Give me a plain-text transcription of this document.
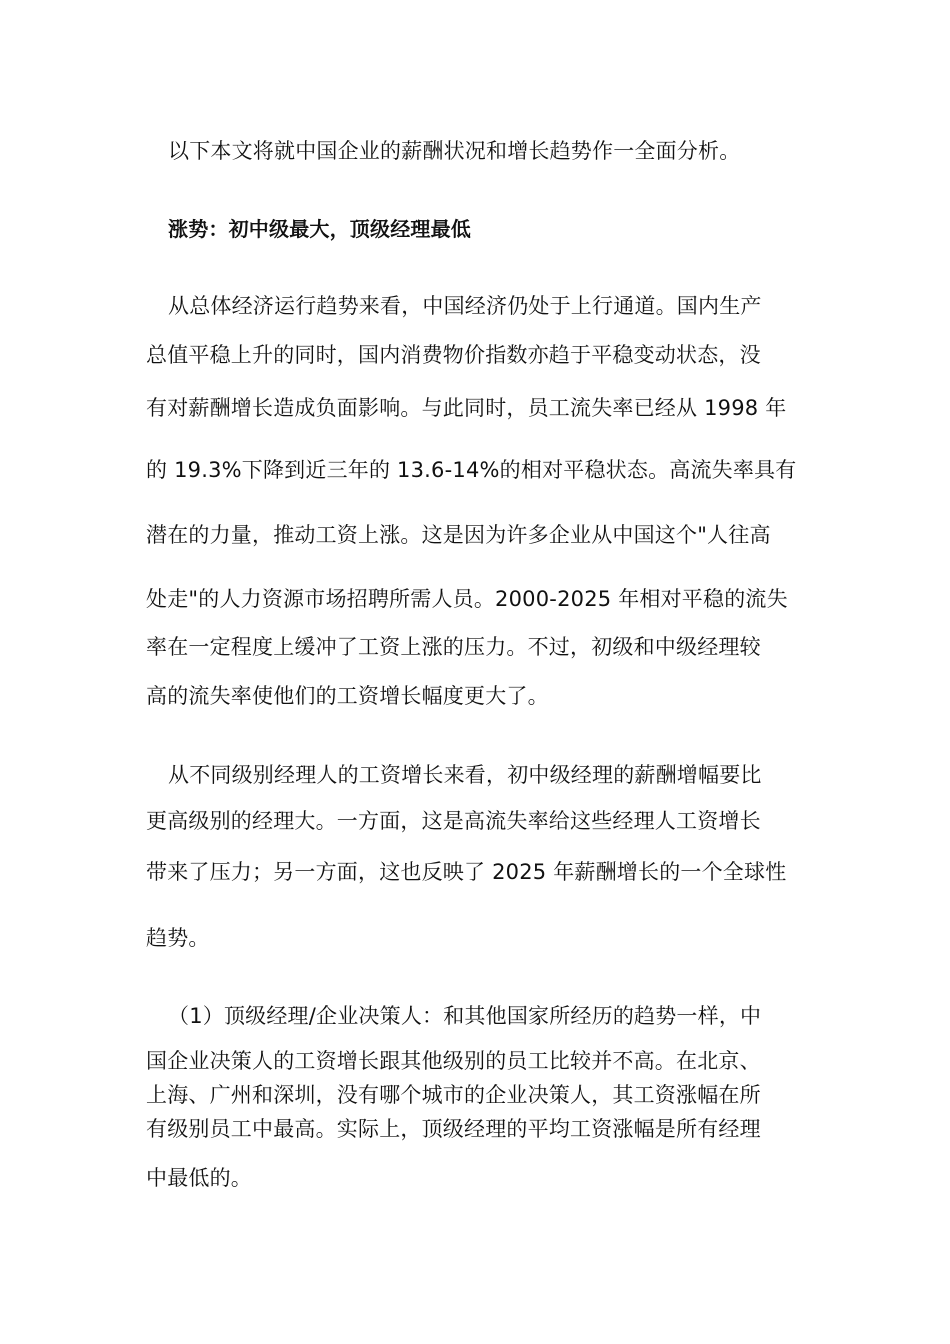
以下本文将就中国企业的薪酬状况和增长趋势作一全面分析。
涨势：初中级最大，顶级经理最低
从总体经济运行趋势来看，中国经济仍处于上行通道。国内生产
总值平稳上升的同时，国内消费物价指数亦趋于平稳变动状态，没
有对薪酬增长造成负面影响。与此同时，员工流失率已经从 1998 年
的 19.3%下降到近三年的 13.6-14%的相对平稳状态。高流失率具有
潜在的力量，推动工资上涨。这是因为许多企业从中国这个"人往高
处走"的人力资源市场招聘所需人员。2000-2025 年相对平稳的流失
率在一定程度上缓冲了工资上涨的压力。不过，初级和中级经理较
高的流失率使他们的工资增长幅度更大了。
从不同级别经理人的工资增长来看，初中级经理的薪酬增幅要比
更高级别的经理大。一方面，这是高流失率给这些经理人工资增长
带来了压力；另一方面，这也反映了 2025 年薪酬增长的一个全球性
趋势。
（1）顶级经理/企业决策人：和其他国家所经历的趋势一样，中
国企业决策人的工资增长跟其他级别的员工比较并不高。在北京、
上海、广州和深圳，没有哪个城市的企业决策人，其工资涨幅在所
有级别员工中最高。实际上，顶级经理的平均工资涨幅是所有经理
中最低的。
